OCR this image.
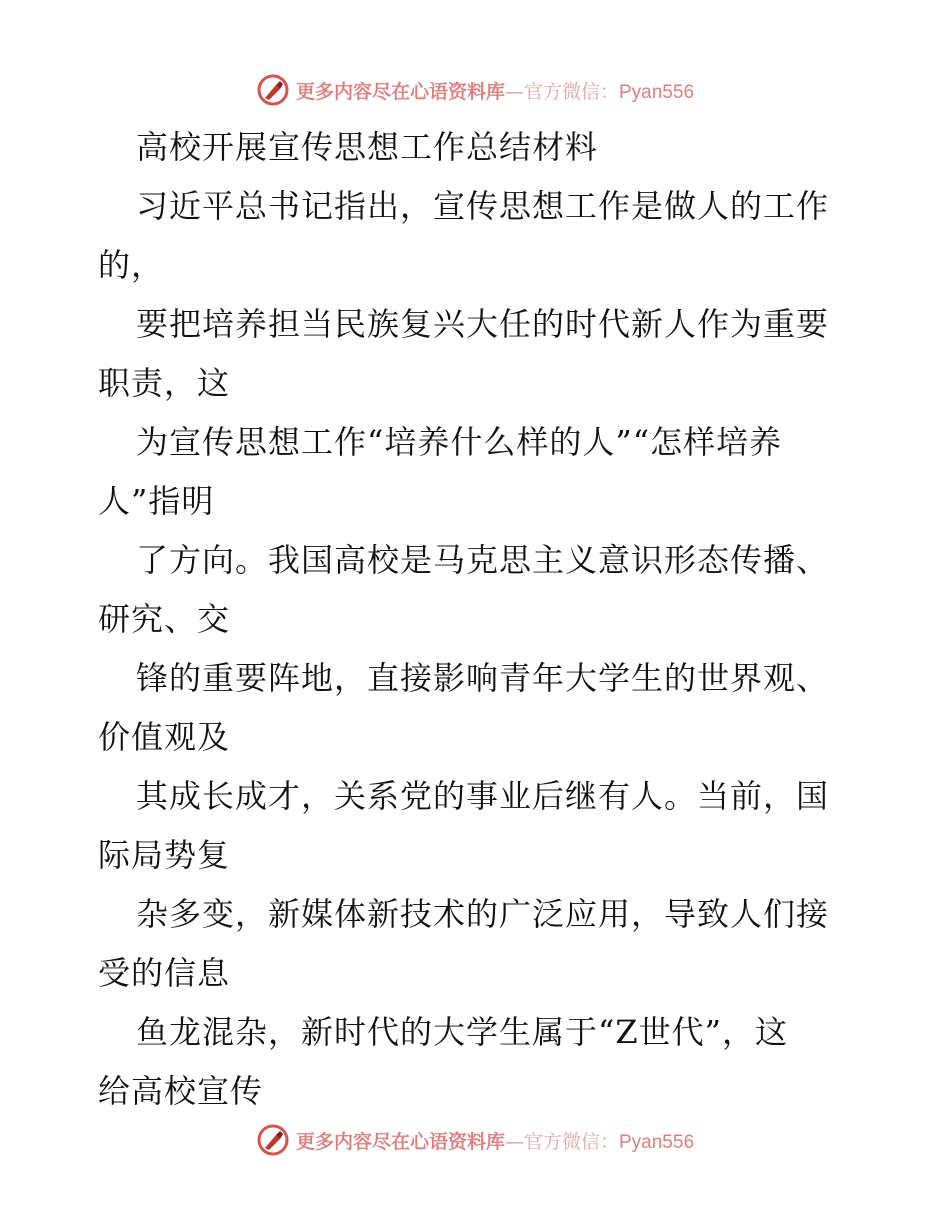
更多内容尽在心语资料库—官方微信：Pyan556
高校开展宣传思想工作总结材料
习近平总书记指出，宣传思想工作是做人的工作
的，
要把培养担当民族复兴大任的时代新人作为重要
职责，这
为宣传思想工作“培养什么样的人”“怎样培养
人”指明
了方向。我国高校是马克思主义意识形态传播、
研究、交
锋的重要阵地，直接影响青年大学生的世界观、
价值观及
其成长成才，关系党的事业后继有人。当前，国
际局势复
杂多变，新媒体新技术的广泛应用，导致人们接
受的信息
鱼龙混杂，新时代的大学生属于“Z世代”，这
给高校宣传
更多内容尽在心语资料库—官方微信：Pyan556
